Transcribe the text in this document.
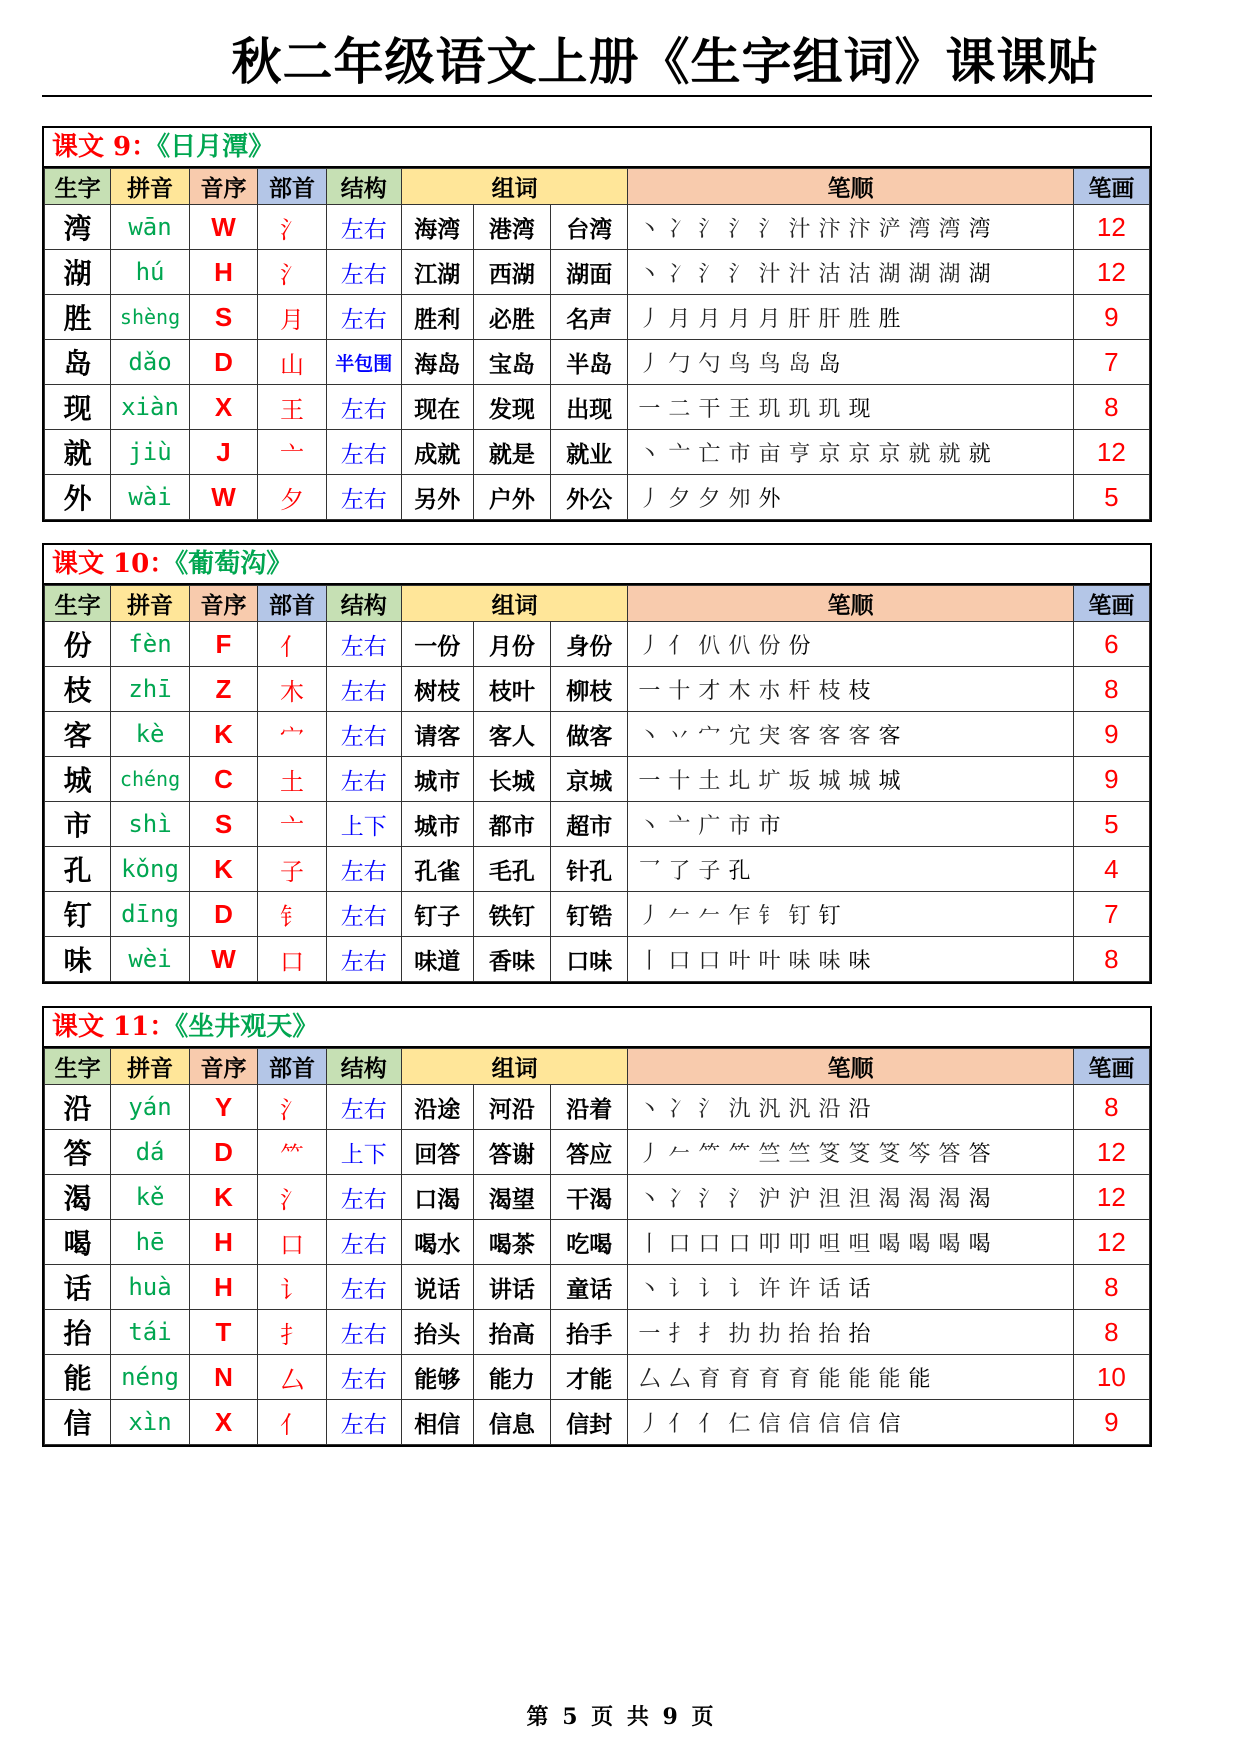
秋二年级语文上册《生字组词》课课贴
课文 9：《日月潭》
生字	拼音	音序	部首	结构	组词			笔顺	笔画
湾	wān	W	氵	左右	海湾	港湾	台湾	丶 冫 氵 氵 氵 汁 汴 汴 浐 湾 湾 湾	12
湖	hú	H	氵	左右	江湖	西湖	湖面	丶 冫 氵 氵 汁 汁 沽 沽 湖 湖 湖 湖	12
胜	shèng	S	月	左右	胜利	必胜	名声	丿 月 月 月 月 肝 肝 胜 胜	9
岛	dǎo	D	山	半包围	海岛	宝岛	半岛	丿 勹 勺 鸟 鸟 岛 岛	7
现	xiàn	X	王	左右	现在	发现	出现	一 二 干 王 玑 玑 玑 现	8
就	jiù	J	亠	左右	成就	就是	就业	丶 亠 亡 市 亩 亨 京 京 京 就 就 就	12
外	wài	W	夕	左右	另外	户外	外公	丿 夕 夕 夘 外	5
课文 10：《葡萄沟》
生字	拼音	音序	部首	结构	组词			笔顺	笔画
份	fèn	F	亻	左右	一份	月份	身份	丿 亻 仈 仈 份 份	6
枝	zhī	Z	木	左右	树枝	枝叶	柳枝	一 十 才 木 朩 杆 枝 枝	8
客	kè	K	宀	左右	请客	客人	做客	丶 丷 宀 宂 宊 客 客 客 客	9
城	chéng	C	土	左右	城市	长城	京城	一 十 土 圠 圹 坂 城 城 城	9
市	shì	S	亠	上下	城市	都市	超市	丶 亠 广 市 市	5
孔	kǒng	K	子	左右	孔雀	毛孔	针孔	乛 了 子 孔	4
钉	dīng	D	钅	左右	钉子	铁钉	钉锆	丿 𠂉 𠂉 乍 钅 钉 钉	7
味	wèi	W	口	左右	味道	香味	口味	丨 口 口 叶 叶 味 味 味	8
课文 11：《坐井观天》
生字	拼音	音序	部首	结构	组词			笔顺	笔画
沿	yán	Y	氵	左右	沿途	河沿	沿着	丶 冫 氵 氿 汎 汎 沿 沿	8
答	dá	D	⺮	上下	回答	答谢	答应	丿 𠂉 ⺮ ⺮ 竺 竺 笅 笅 笅 笒 答 答	12
渴	kě	K	氵	左右	口渴	渴望	干渴	丶 冫 氵 氵 沪 沪 泹 泹 渴 渴 渴 渴	12
喝	hē	H	口	左右	喝水	喝茶	吃喝	丨 口 口 口 叩 叩 呾 呾 喝 喝 喝 喝	12
话	huà	H	讠	左右	说话	讲话	童话	丶 讠 讠 讠 许 许 话 话	8
抬	tái	T	扌	左右	抬头	抬高	抬手	一 扌 扌 扐 扐 抬 抬 抬	8
能	néng	N	厶	左右	能够	能力	才能	厶 厶 育 育 育 育 能 能 能 能	10
信	xìn	X	亻	左右	相信	信息	信封	丿 亻 亻 仁 信 信 信 信 信	9
第 5 页 共 9 页
